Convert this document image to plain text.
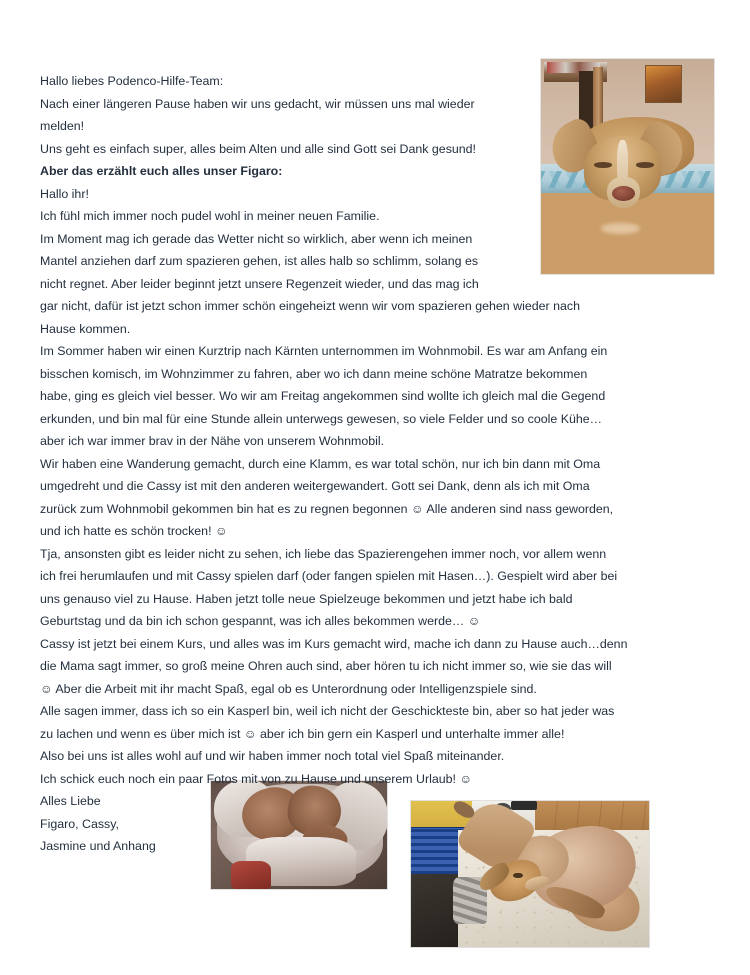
Hallo liebes Podenco-Hilfe-Team:
Nach einer längeren Pause haben wir uns gedacht, wir müssen uns mal wieder
melden!
Uns geht es einfach super, alles beim Alten und alle sind Gott sei Dank gesund!
Aber das erzählt euch alles unser Figaro:
Hallo ihr!
Ich fühl mich immer noch pudel wohl in meiner neuen Familie.
Im Moment mag ich gerade das Wetter nicht so wirklich, aber wenn ich meinen
Mantel anziehen darf zum spazieren gehen, ist alles halb so schlimm, solang es
nicht regnet. Aber leider beginnt jetzt unsere Regenzeit wieder, und das mag ich
gar nicht, dafür ist jetzt schon immer schön eingeheizt wenn wir vom spazieren gehen wieder nach
Hause kommen.
Im Sommer haben wir einen Kurztrip nach Kärnten unternommen im Wohnmobil. Es war am Anfang ein
bisschen komisch, im Wohnzimmer zu fahren, aber wo ich dann meine schöne Matratze bekommen
habe, ging es gleich viel besser. Wo wir am Freitag angekommen sind wollte ich gleich mal die Gegend
erkunden, und bin mal für eine Stunde allein unterwegs gewesen, so viele Felder und so coole Kühe…
aber ich war immer brav in der Nähe von unserem Wohnmobil.
Wir haben eine Wanderung gemacht, durch eine Klamm, es war total schön, nur ich bin dann mit Oma
umgedreht und die Cassy ist mit den anderen weitergewandert. Gott sei Dank, denn als ich mit Oma
zurück zum Wohnmobil gekommen bin hat es zu regnen begonnen ☺ Alle anderen sind nass geworden,
und ich hatte es schön trocken! ☺
Tja, ansonsten gibt es leider nicht zu sehen, ich liebe das Spazierengehen immer noch, vor allem wenn
ich frei herumlaufen und mit Cassy spielen darf (oder fangen spielen mit Hasen…). Gespielt wird aber bei
uns genauso viel zu Hause. Haben jetzt tolle neue Spielzeuge bekommen und jetzt habe ich bald
Geburtstag und da bin ich schon gespannt, was ich alles bekommen werde… ☺
Cassy ist jetzt bei einem Kurs, und alles was im Kurs gemacht wird, mache ich dann zu Hause auch…denn
die Mama sagt immer, so groß meine Ohren auch sind, aber hören tu ich nicht immer so, wie sie das will
☺ Aber die Arbeit mit ihr macht Spaß, egal ob es Unterordnung oder Intelligenzspiele sind.
Alle sagen immer, dass ich so ein Kasperl bin, weil ich nicht der Geschickteste bin, aber so hat jeder was
zu lachen und wenn es über mich ist ☺ aber ich bin gern ein Kasperl und unterhalte immer alle!
Also bei uns ist alles wohl auf und wir haben immer noch total viel Spaß miteinander.
Ich schick euch noch ein paar Fotos mit von zu Hause und unserem Urlaub! ☺
Alles Liebe
Figaro, Cassy,
Jasmine und Anhang
